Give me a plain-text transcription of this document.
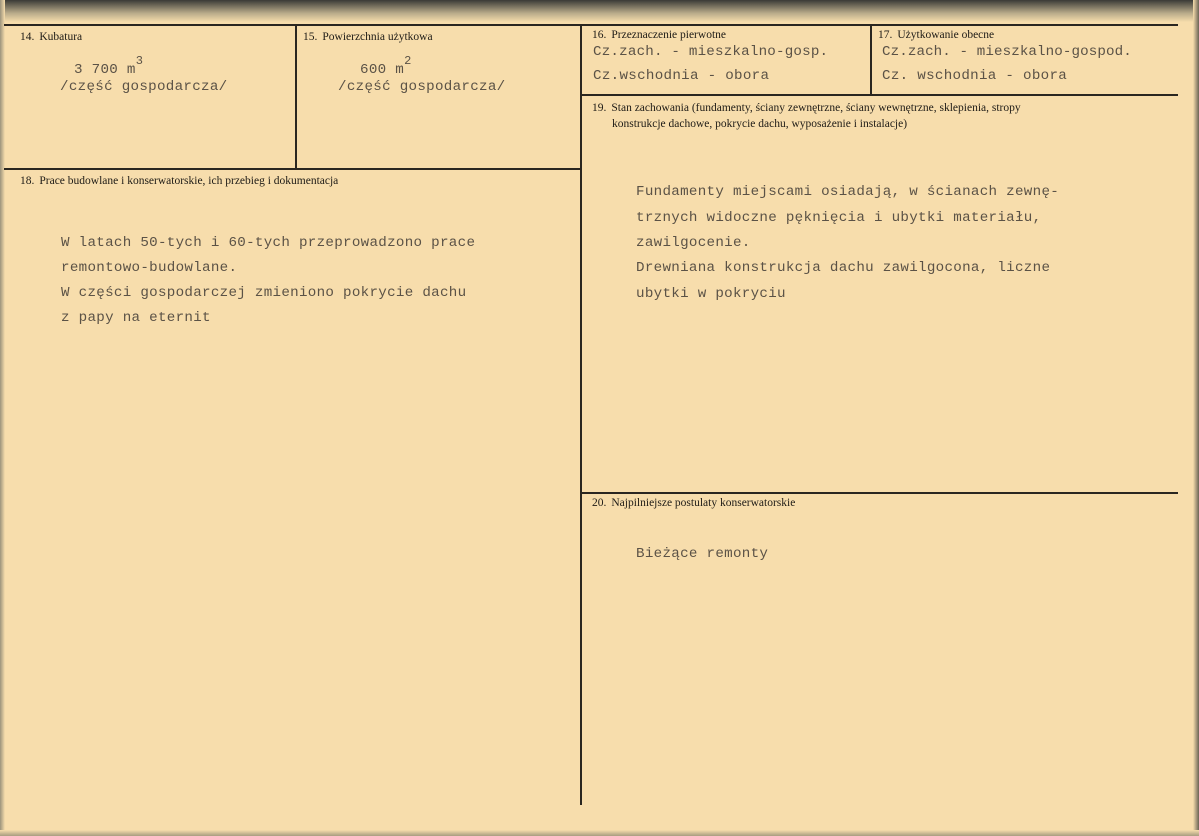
14. Kubatura
3 700 $m^3$
/część gospodarcza/
15. Powierzchnia użytkowa
600 $m^2$
/część gospodarcza/
16. Przeznaczenie pierwotne
Cz.zach. - mieszkalno-gosp.
Cz.wschodnia - obora
17. Użytkowanie obecne
Cz.zach. - mieszkalno-gospod.
Cz. wschodnia - obora
18. Prace budowlane i konserwatorskie, ich przebieg i dokumentacja
W latach 50-tych i 60-tych przeprowadzono prace
remontowo-budowlane.
W części gospodarczej zmieniono pokrycie dachu
z papy na eternit
19. Stan zachowania (fundamenty, ściany zewnętrzne, ściany wewnętrzne, sklepienia, stropy
konstrukcje dachowe, pokrycie dachu, wyposażenie i instalacje)
Fundamenty miejscami osiadają, w ścianach zewnę-
trznych widoczne pęknięcia i ubytki materiału,
zawilgocenie.
Drewniana konstrukcja dachu zawilgocona, liczne
ubytki w pokryciu
20. Najpilniejsze postulaty konserwatorskie
Bieżące remonty
